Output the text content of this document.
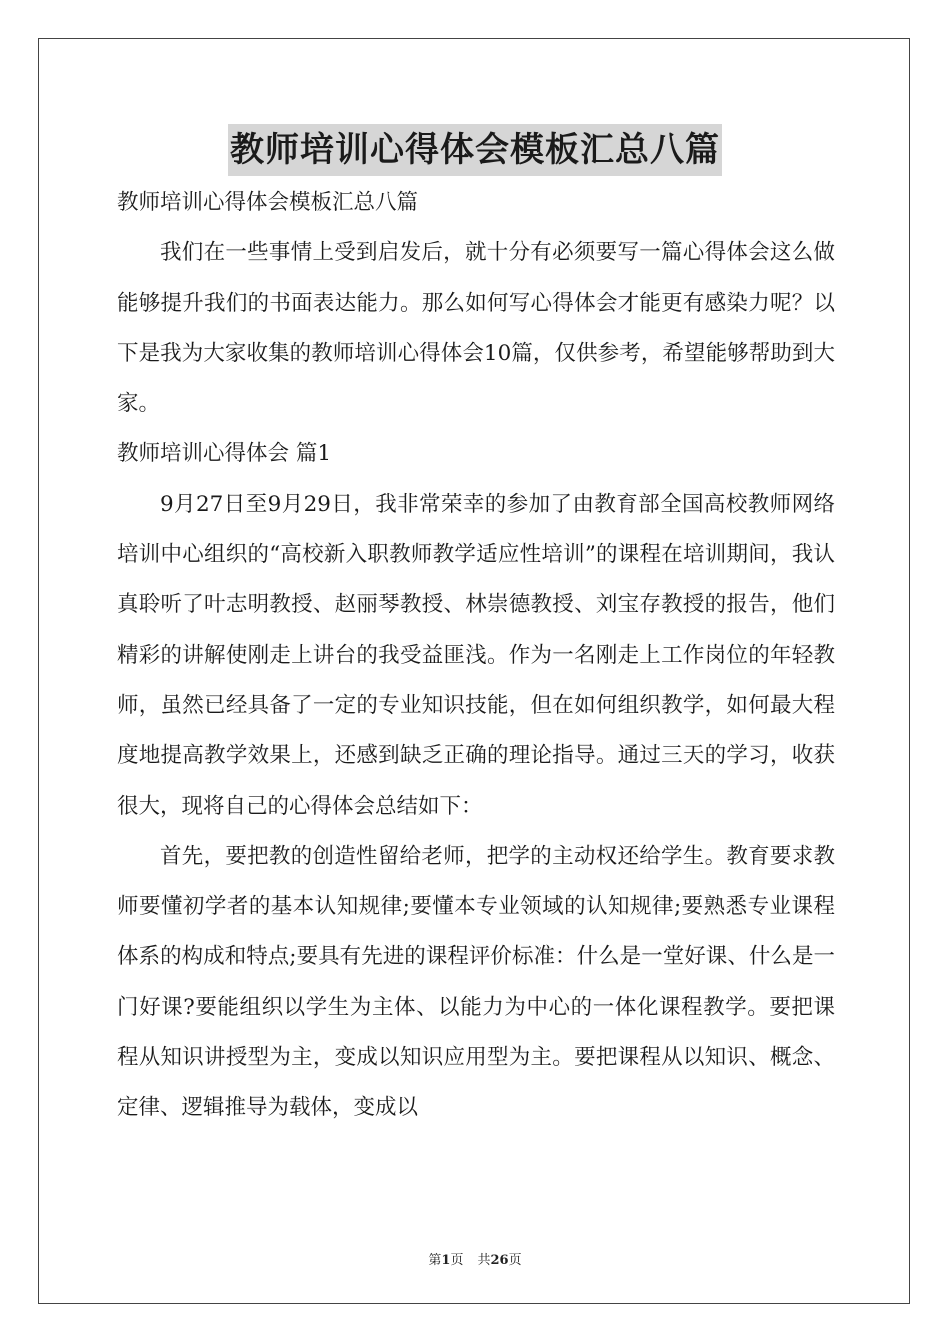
教师培训心得体会模板汇总八篇

教师培训心得体会模板汇总八篇

我们在一些事情上受到启发后，就十分有必须要写一篇心得体会这么做能够提升我们的书面表达能力。那么如何写心得体会才能更有感染力呢？以下是我为大家收集的教师培训心得体会10篇，仅供参考，希望能够帮助到大家。

教师培训心得体会 篇1

9月27日至9月29日，我非常荣幸的参加了由教育部全国高校教师网络培训中心组织的“高校新入职教师教学适应性培训”的课程在培训期间，我认真聆听了叶志明教授、赵丽琴教授、林崇德教授、刘宝存教授的报告，他们精彩的讲解使刚走上讲台的我受益匪浅。作为一名刚走上工作岗位的年轻教师，虽然已经具备了一定的专业知识技能，但在如何组织教学，如何最大程度地提高教学效果上，还感到缺乏正确的理论指导。通过三天的学习，收获很大，现将自己的心得体会总结如下：

首先，要把教的创造性留给老师，把学的主动权还给学生。教育要求教师要懂初学者的基本认知规律;要懂本专业领域的认知规律;要熟悉专业课程体系的构成和特点;要具有先进的课程评价标准：什么是一堂好课、什么是一门好课?要能组织以学生为主体、以能力为中心的一体化课程教学。要把课程从知识讲授型为主，变成以知识应用型为主。要把课程从以知识、概念、定律、逻辑推导为载体，变成以

第1页 共26页
